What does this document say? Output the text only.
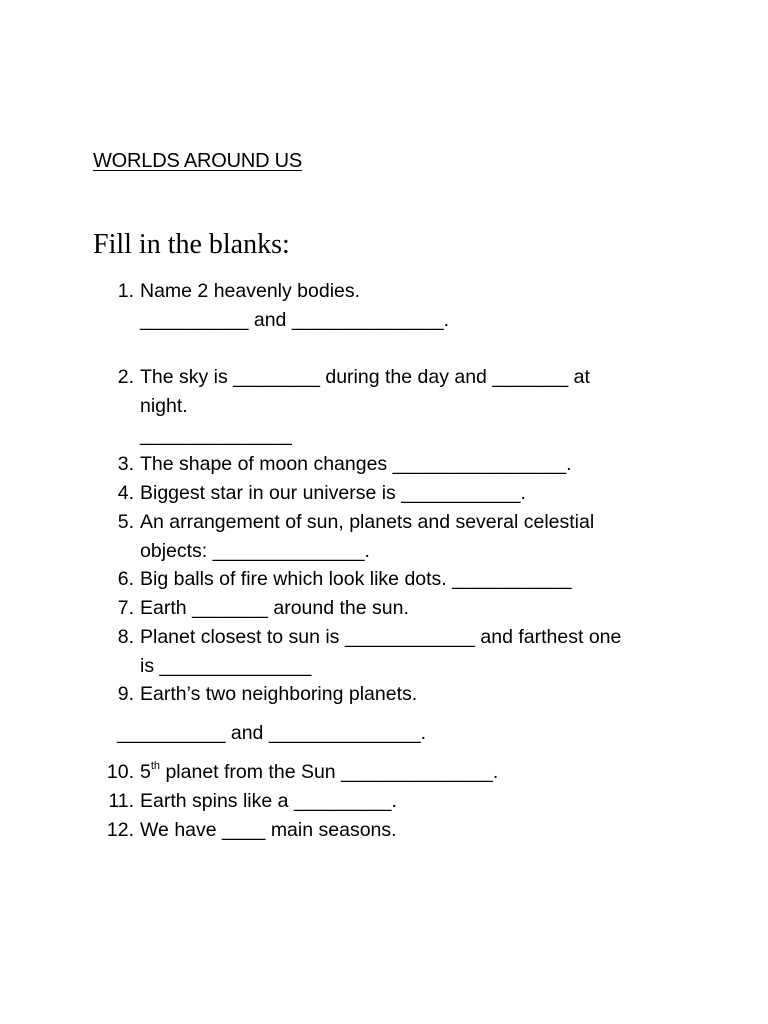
WORLDS AROUND US
Fill in the blanks:
1. Name 2 heavenly bodies.
__________ and ______________.
2. The sky is ________ during the day and _______ at
night.
______________
3. The shape of moon changes ________________.
4. Biggest star in our universe is ___________.
5. An arrangement of sun, planets and several celestial
objects: ______________.
6. Big balls of fire which look like dots. ___________
7. Earth _______ around the sun.
8. Planet closest to sun is ____________ and farthest one
is ______________
9. Earth’s two neighboring planets.
__________ and ______________.
10. 5th planet from the Sun ______________.
11. Earth spins like a _________.
12. We have ____ main seasons.
